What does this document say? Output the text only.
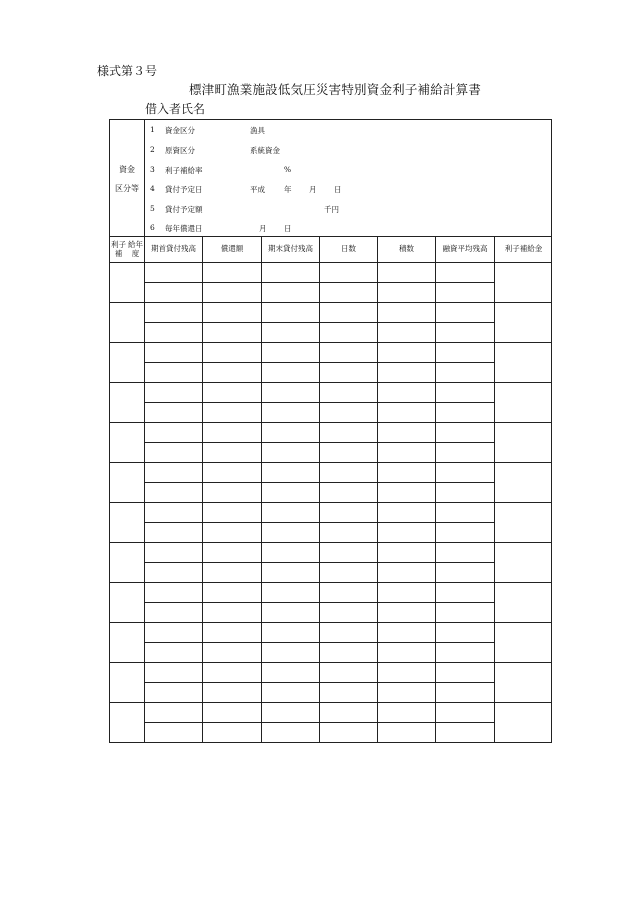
様式第３号
標津町漁業施設低気圧災害特別資金利子補給計算書
借入者氏名
資金
区分等
1 資金区分	漁具
2 原資区分	系統資金
3 利子補給率	%
4 貸付予定日	平成	年 月 日
5 貸付予定額	千円
6 毎年償還日	月 日
利子補

給年度
期首貸付残高	償還額	期末貸付残高	日数	積数	融資平均残高	利子補給金
